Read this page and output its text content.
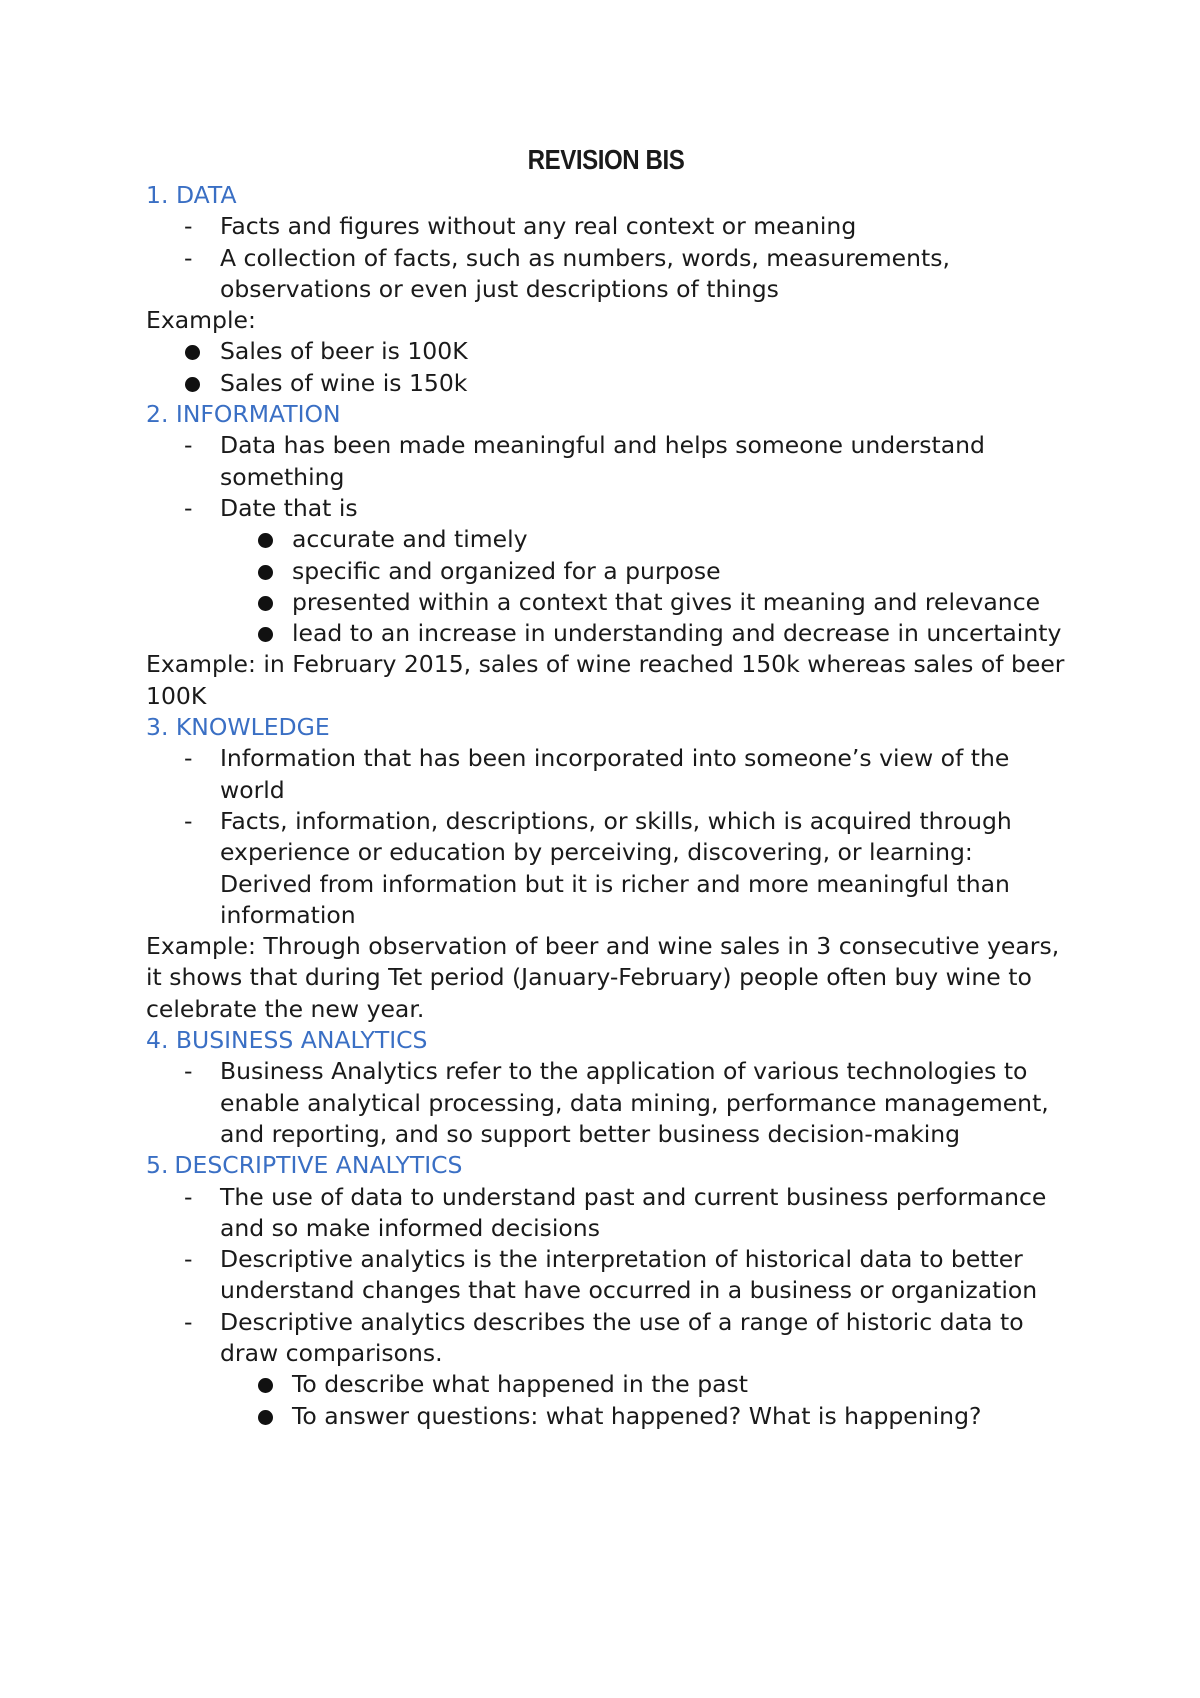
REVISION BIS
1. DATA
- Facts and figures without any real context or meaning
- A collection of facts, such as numbers, words, measurements, observations or even just descriptions of things
Example:
Sales of beer is 100K
Sales of wine is 150k
2. INFORMATION
- Data has been made meaningful and helps someone understand something
- Date that is
accurate and timely
specific and organized for a purpose
presented within a context that gives it meaning and relevance
lead to an increase in understanding and decrease in uncertainty
Example: in February 2015, sales of wine reached 150k whereas sales of beer 100K
3. KNOWLEDGE
- Information that has been incorporated into someone’s view of the world
- Facts, information, descriptions, or skills, which is acquired through experience or education by perceiving, discovering, or learning: Derived from information but it is richer and more meaningful than information
Example: Through observation of beer and wine sales in 3 consecutive years, it shows that during Tet period (January-February) people often buy wine to celebrate the new year.
4. BUSINESS ANALYTICS
- Business Analytics refer to the application of various technologies to enable analytical processing, data mining, performance management, and reporting, and so support better business decision-making
5. DESCRIPTIVE ANALYTICS
- The use of data to understand past and current business performance and so make informed decisions
- Descriptive analytics is the interpretation of historical data to better understand changes that have occurred in a business or organization
- Descriptive analytics describes the use of a range of historic data to draw comparisons.
To describe what happened in the past
To answer questions: what happened? What is happening?
